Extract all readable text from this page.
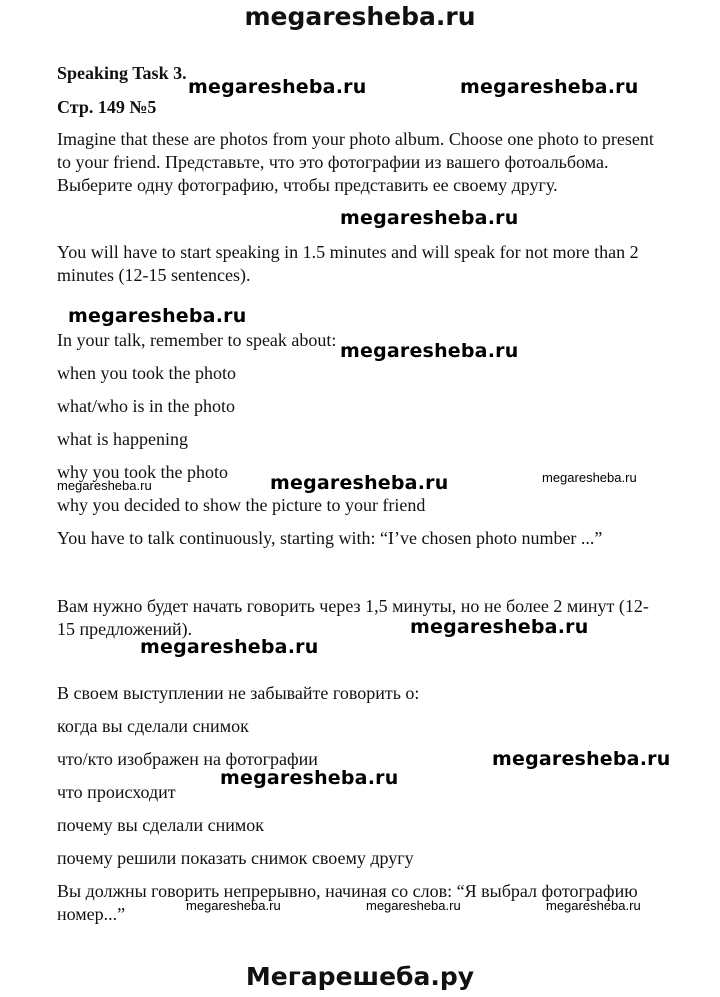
megaresheba.ru
Speaking Task 3.
Стр. 149 №5
Imagine that these are photos from your photo album. Choose one photo to present
to your friend. Представьте, что это фотографии из вашего фотоальбома.
Выберите одну фотографию, чтобы представить ее своему другу.
You will have to start speaking in 1.5 minutes and will speak for not more than 2
minutes (12-15 sentences).
In your talk, remember to speak about:
when you took the photo
what/who is in the photo
what is happening
why you took the photo
why you decided to show the picture to your friend
You have to talk continuously, starting with: “I’ve chosen photo number ...”
Вам нужно будет начать говорить через 1,5 минуты, но не более 2 минут (12-
15 предложений).
В своем выступлении не забывайте говорить о:
когда вы сделали снимок
что/кто изображен на фотографии
что происходит
почему вы сделали снимок
почему решили показать снимок своему другу
Вы должны говорить непрерывно, начиная со слов: “Я выбрал фотографию
номер...”
megaresheba.ru	megaresheba.ru
megaresheba.ru
megaresheba.ru
megaresheba.ru
megaresheba.ru
megaresheba.ru
megaresheba.ru
megaresheba.ru
megaresheba.ru
megaresheba.ru
megaresheba.ru
megaresheba.ru	megaresheba.ru	megaresheba.ru
Мегарешеба.ру
